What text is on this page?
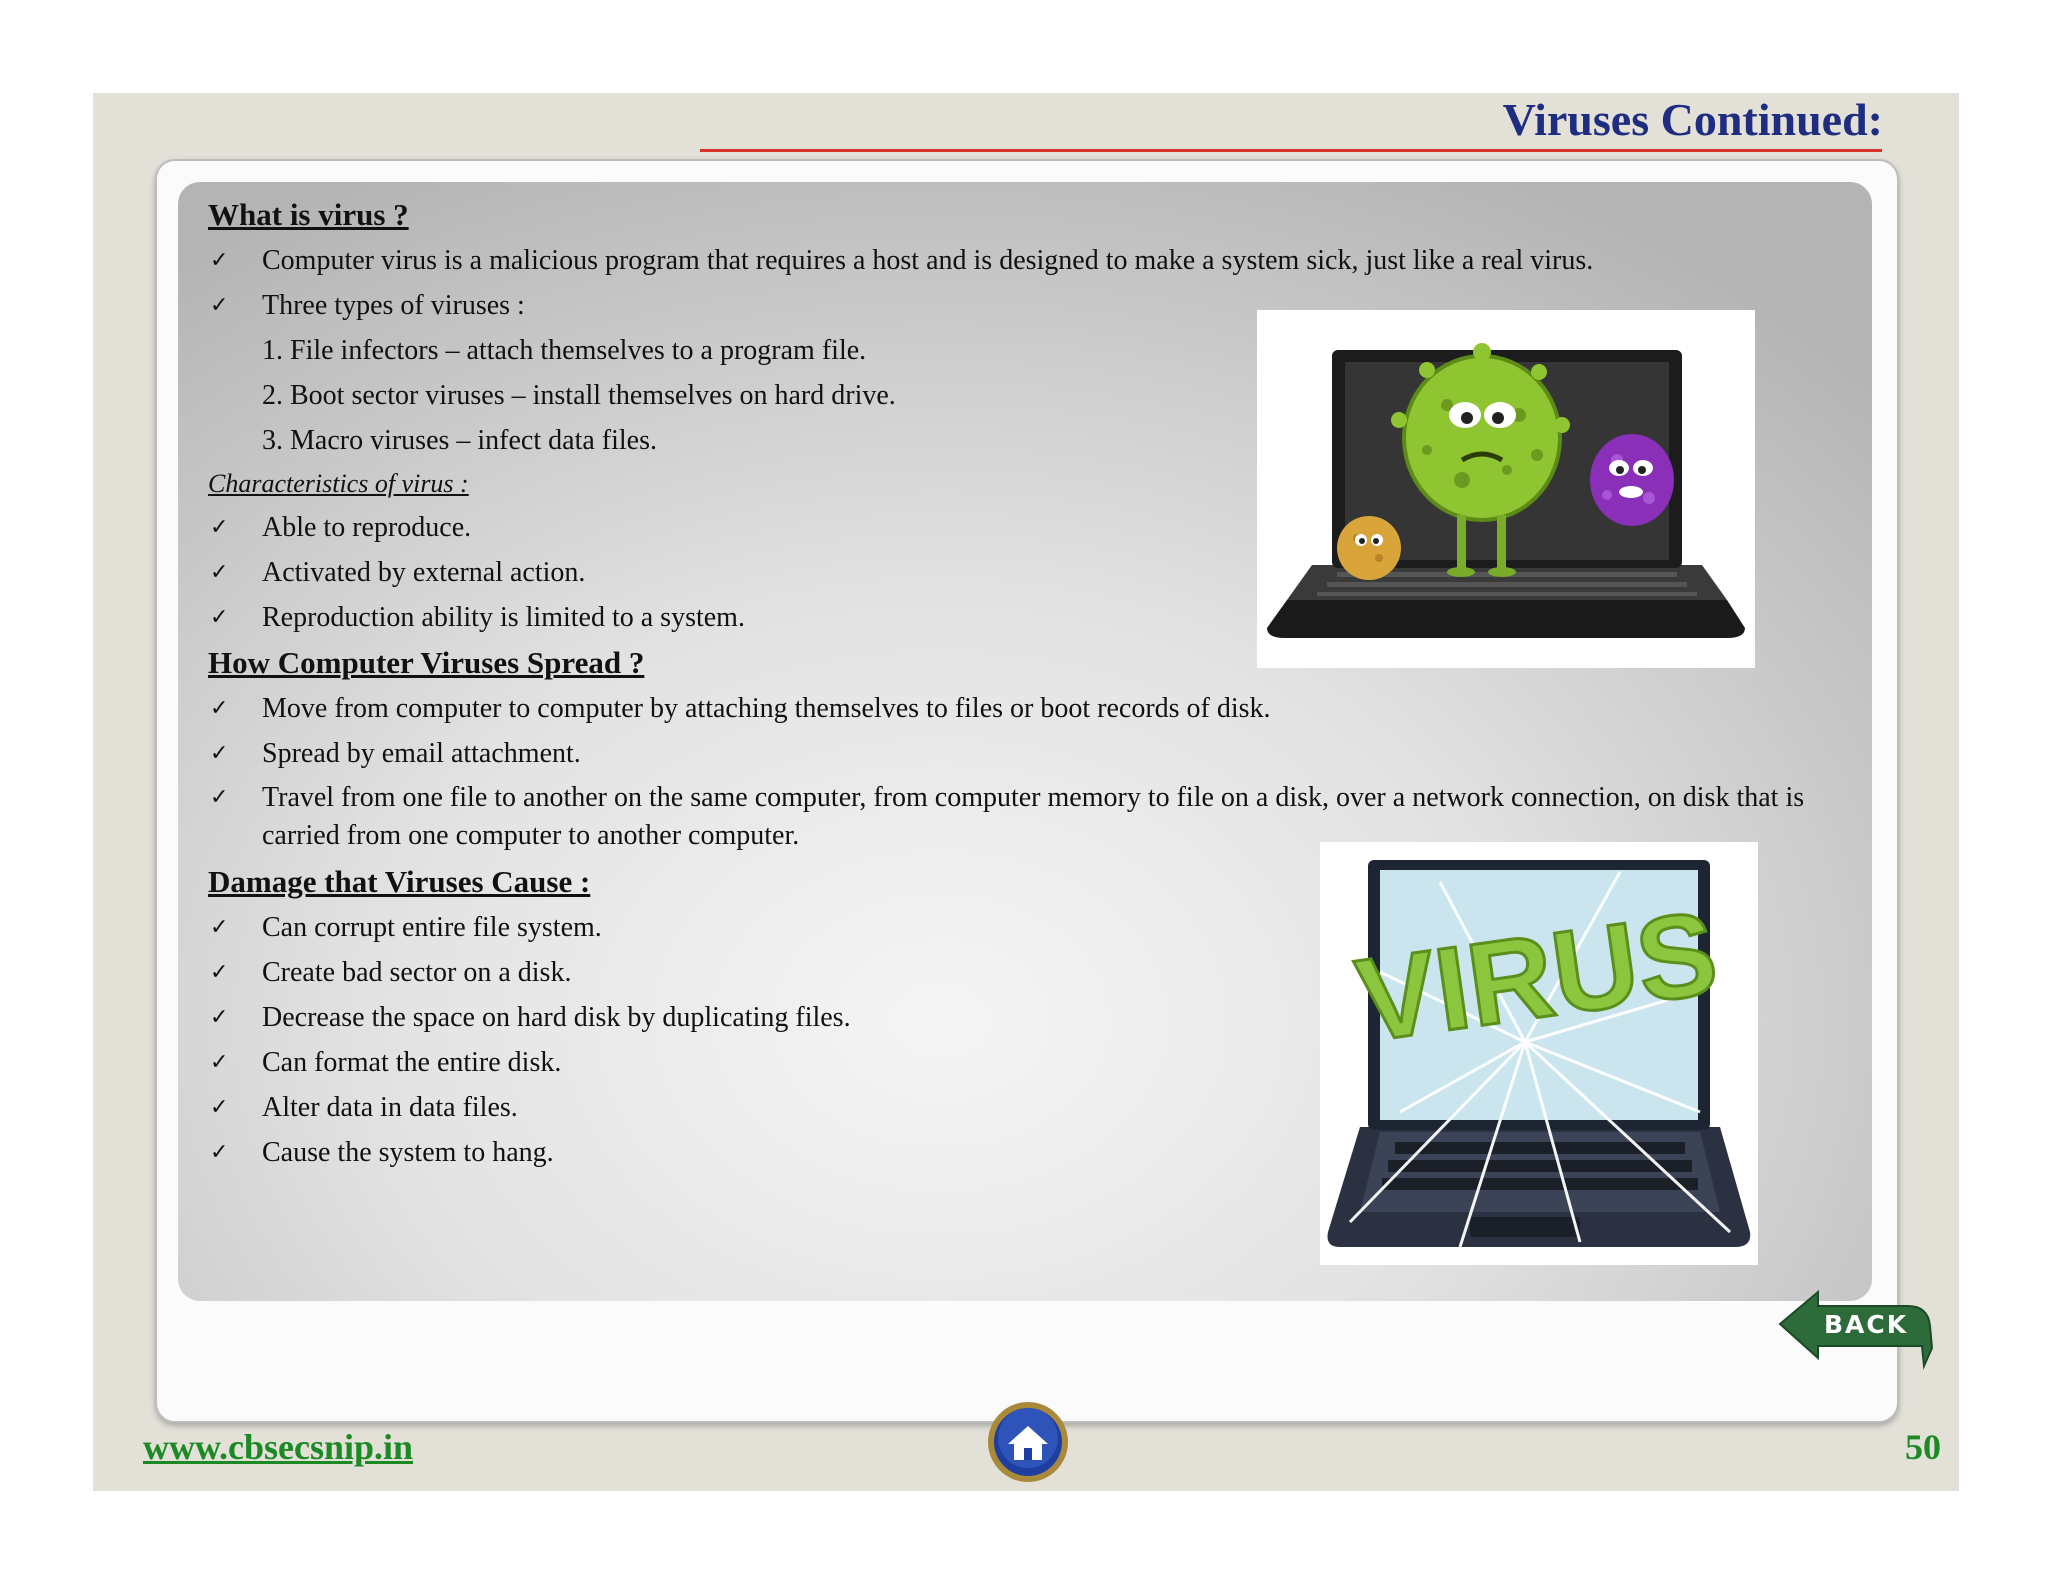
Viruses Continued:
What is virus ?
✓ Computer virus is a malicious program that requires a host and is designed to make a system sick, just like a real virus.
✓ Three types of viruses :
1. File infectors – attach themselves to a program file.
2. Boot sector viruses – install themselves on hard drive.
3. Macro viruses – infect data files.
Characteristics of virus :
✓ Able to reproduce.
✓ Activated by external action.
✓ Reproduction ability is limited to a system.
How Computer Viruses Spread ?
✓ Move from computer to computer by attaching themselves to files or boot records of disk.
✓ Spread by email attachment.
✓ Travel from one file to another on the same computer, from computer memory to file on a disk, over a network connection, on disk that is carried from one computer to another computer.
Damage that Viruses Cause :
✓ Can corrupt entire file system.
✓ Create bad sector on a disk.
✓ Decrease the space on hard disk by duplicating files.
✓ Can format the entire disk.
✓ Alter data in data files.
✓ Cause the system to hang.
VIRUS
BACK
www.cbsecsnip.in	50
